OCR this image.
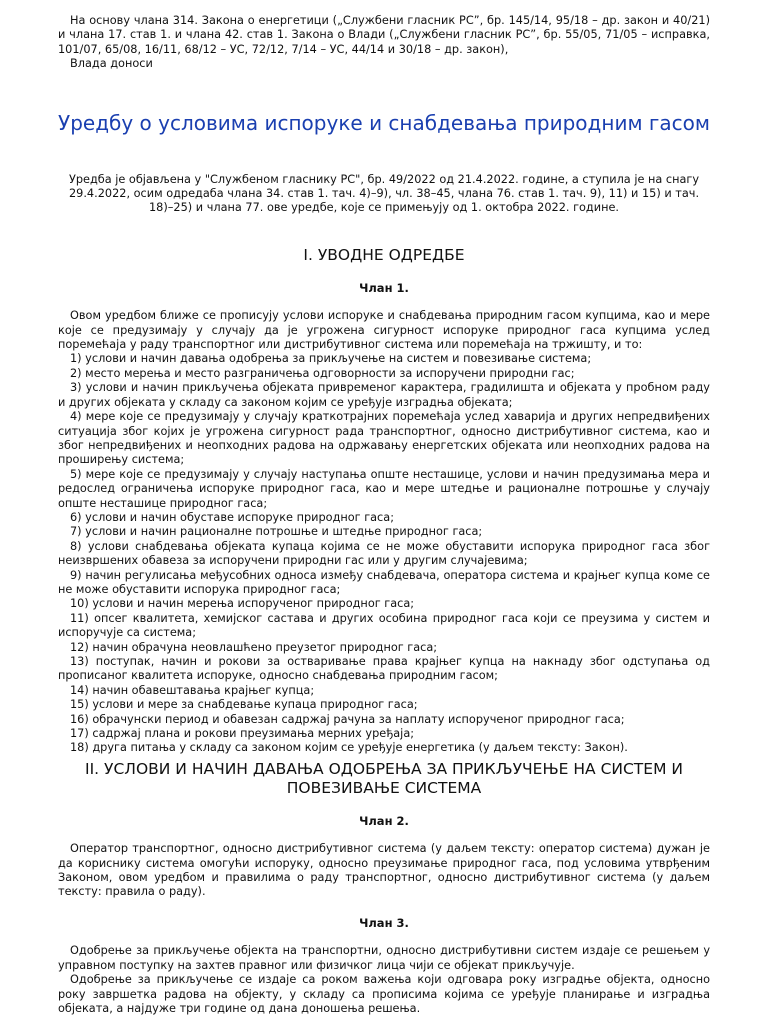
На основу члана 314. Закона о енергетици („Службени гласник РС”, бр. 145/14, 95/18 – др. закон и 40/21) и члана 17. став 1. и члана 42. став 1. Закона о Влади („Службени гласник РС”, бр. 55/05, 71/05 – исправка, 101/07, 65/08, 16/11, 68/12 – УС, 72/12, 7/14 – УС, 44/14 и 30/18 – др. закон),

Влада доноси

Уредбу о условима испоруке и снабдевања природним гасом

Уредба је објављена у "Службеном гласнику РС", бр. 49/2022 од 21.4.2022. године, а ступила је на снагу 29.4.2022, осим одредаба члана 34. став 1. тач. 4)–9), чл. 38–45, члана 76. став 1. тач. 9), 11) и 15) и тач. 18)–25) и члана 77. ове уредбе, које се примењују од 1. октобра 2022. године.

I. УВОДНЕ ОДРЕДБЕ
Члан 1.

Овом уредбом ближе се прописују услови испоруке и снабдевања природним гасом купцима, као и мере које се предузимају у случају да је угрожена сигурност испоруке природног гаса купцима услед поремећаја у раду транспортног или дистрибутивног система или поремећаја на тржишту, и то:

1) услови и начин давања одобрења за прикључење на систем и повезивање система;
2) место мерења и место разграничења одговорности за испоручени природни гас;
3) услови и начин прикључења објеката привременог карактера, градилишта и објеката у пробном раду и других објеката у складу са законом којим се уређује изградња објеката;
4) мере које се предузимају у случају краткотрајних поремећаја услед хаварија и других непредвиђених ситуација због којих је угрожена сигурност рада транспортног, односно дистрибутивног система, као и због непредвиђених и неопходних радова на одржавању енергетских објеката или неопходних радова на проширењу система;
5) мере које се предузимају у случају наступања опште несташице, услови и начин предузимања мера и редослед ограничења испоруке природног гаса, као и мере штедње и рационалне потрошње у случају опште несташице природног гаса;
6) услови и начин обуставе испоруке природног гаса;
7) услови и начин рационалне потрошње и штедње природног гаса;
8) услови снабдевања објеката купаца којима се не може обуставити испорука природног гаса због неизвршених обавеза за испоручени природни гас или у другим случајевима;
9) начин регулисања међусобних односа између снабдевача, оператора система и крајњег купца коме се не може обуставити испорука природног гаса;
10) услови и начин мерења испорученог природног гаса;
11) опсег квалитета, хемијског састава и других особина природног гаса који се преузима у систем и испоручује са система;
12) начин обрачуна неовлашћено преузетог природног гаса;
13) поступак, начин и рокови за остваривање права крајњег купца на накнаду због одступања од прописаног квалитета испоруке, односно снабдевања природним гасом;
14) начин обавештавања крајњег купца;
15) услови и мере за снабдевање купаца природног гаса;
16) обрачунски период и обавезан садржај рачуна за наплату испорученог природног гаса;
17) садржај плана и рокови преузимања мерних уређаја;
18) друга питања у складу са законом којим се уређује енергетика (у даљем тексту: Закон).
II. УСЛОВИ И НАЧИН ДАВАЊА ОДОБРЕЊА ЗА ПРИКЉУЧЕЊЕ НА СИСТЕМ И
ПОВЕЗИВАЊЕ СИСТЕМА
Члан 2.

Оператор транспортног, односно дистрибутивног система (у даљем тексту: оператор система) дужан је да кориснику система омогући испоруку, односно преузимање природног гаса, под условима утврђеним Законом, овом уредбом и правилима о раду транспортног, односно дистрибутивног система (у даљем тексту: правила о раду).

Члан 3.

Одобрење за прикључење објекта на транспортни, односно дистрибутивни систем издаје се решењем у управном поступку на захтев правног или физичког лица чији се објекат прикључује.

Одобрење за прикључење се издаје са роком важења који одговара року изградње објекта, односно року завршетка радова на објекту, у складу са прописима којима се уређује планирање и изградња објеката, а најдуже три године од дана доношења решења.
